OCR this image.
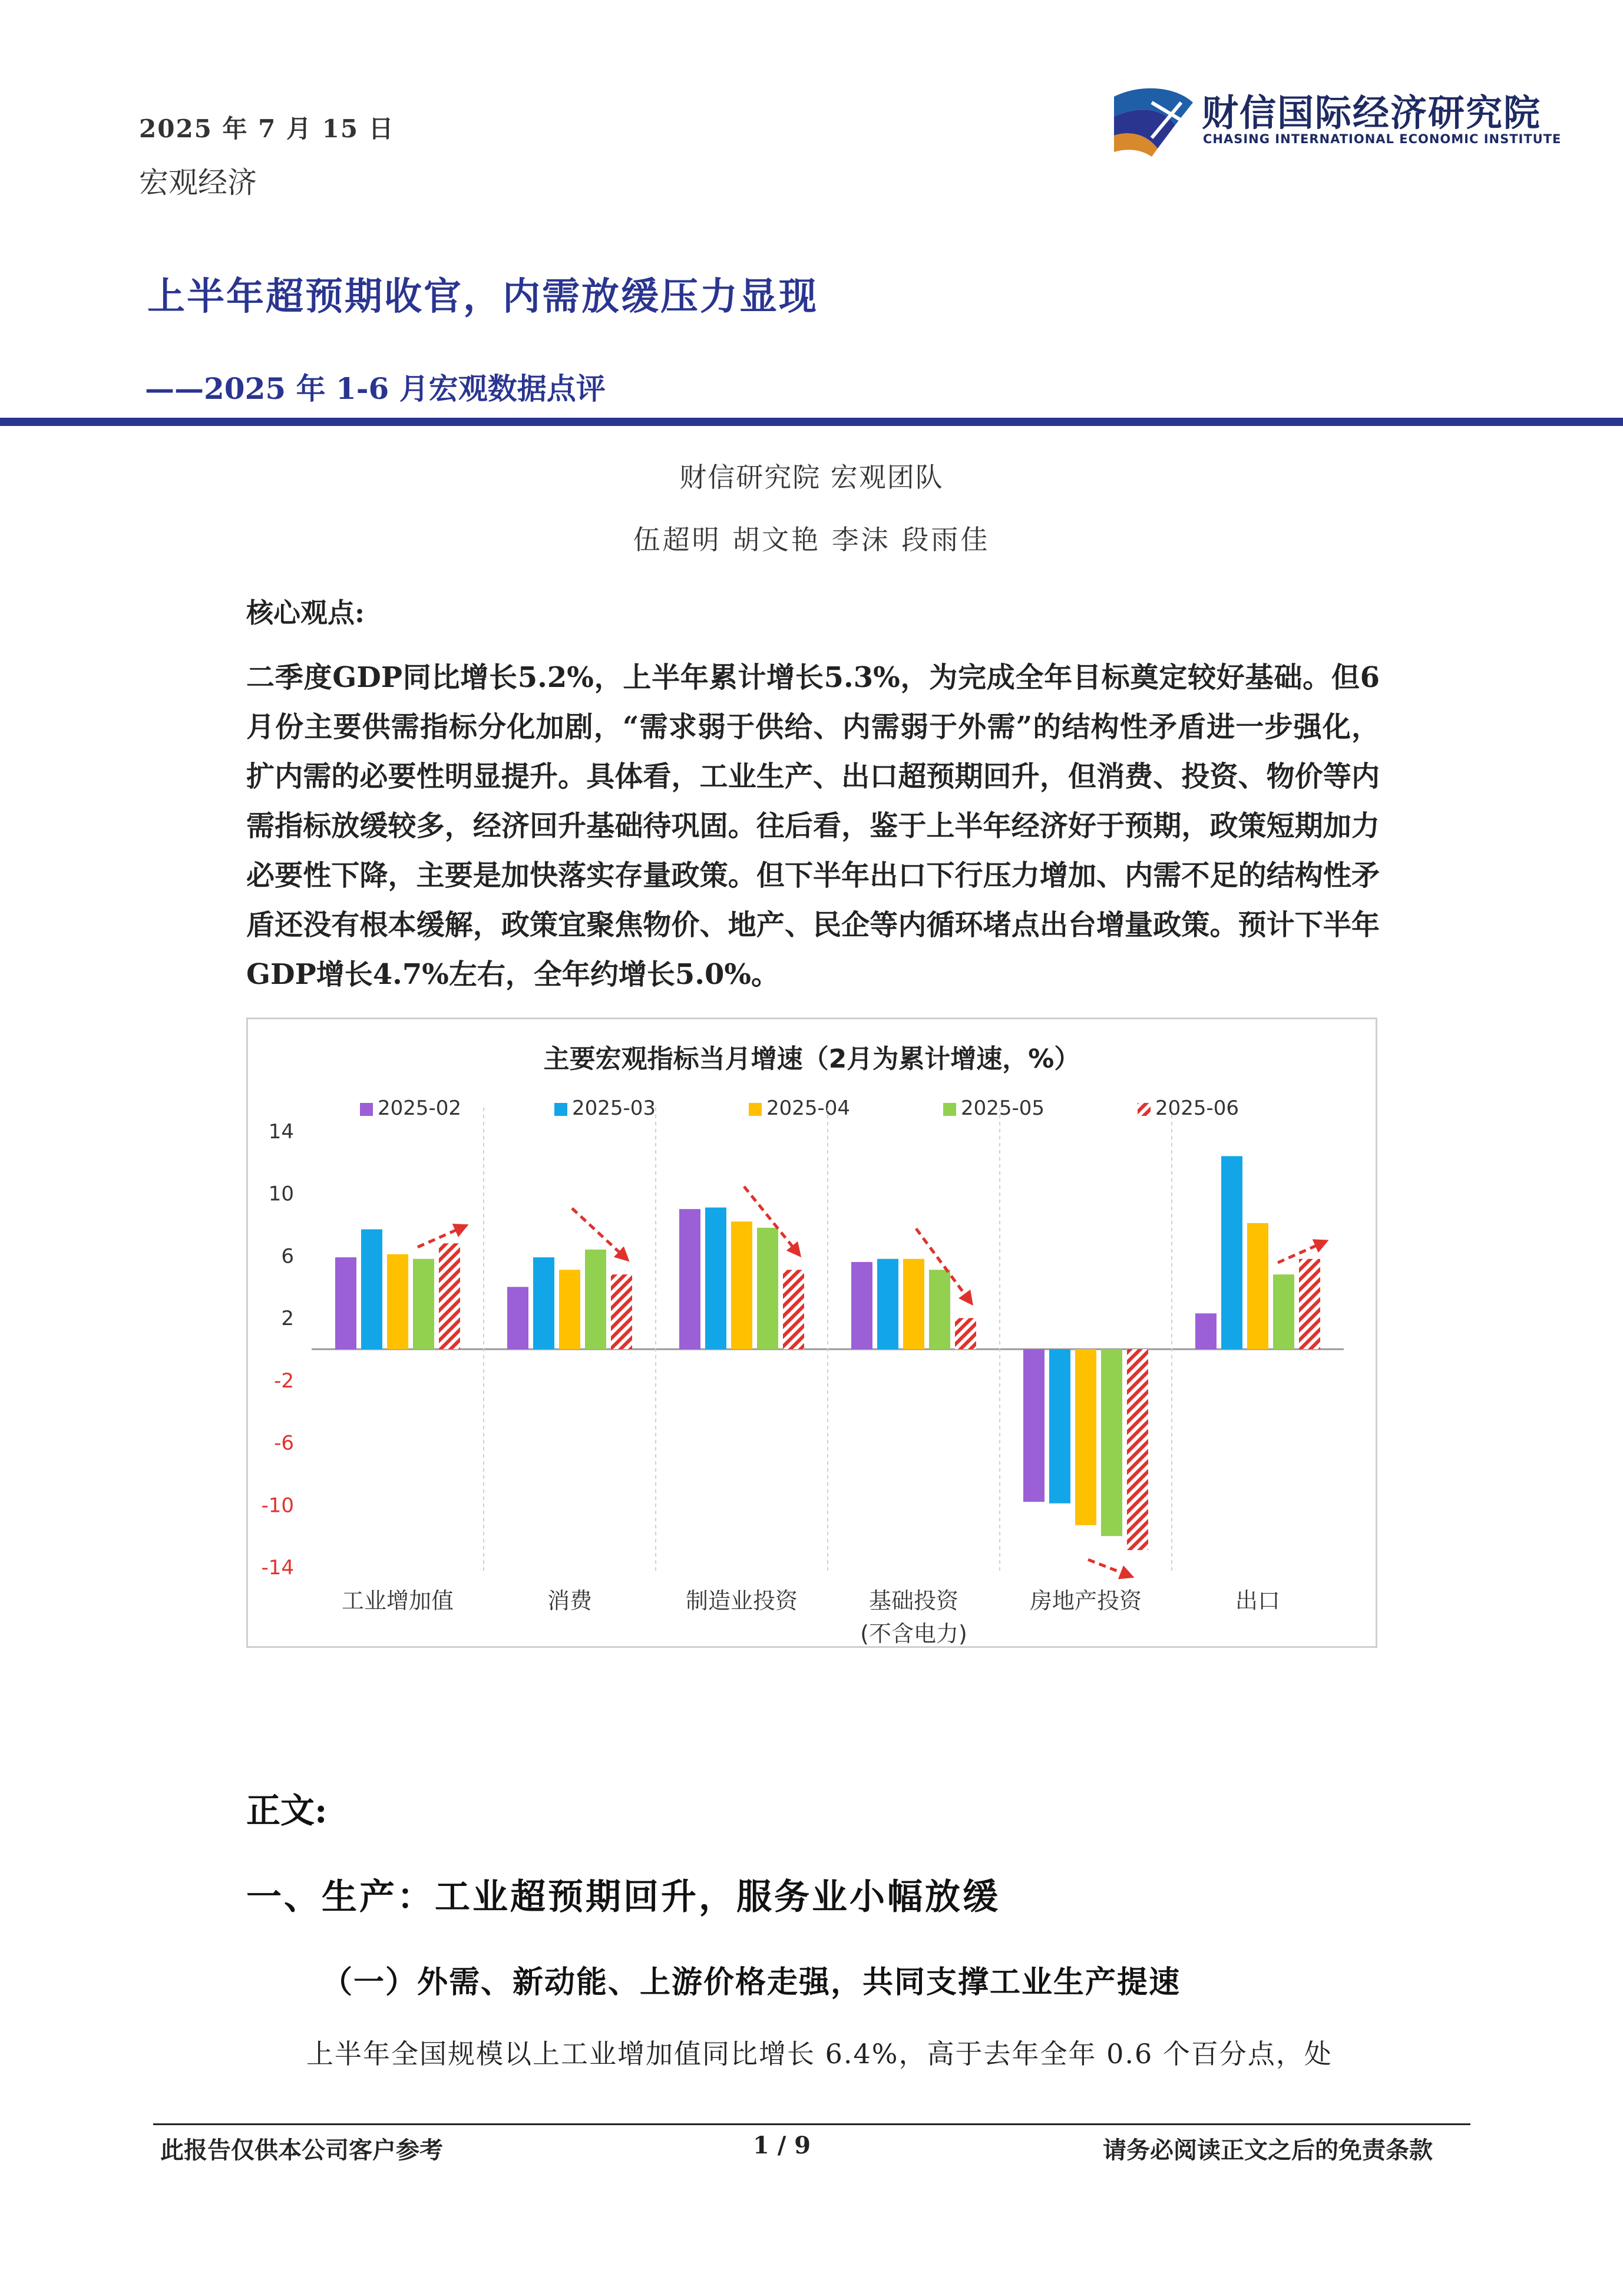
2025 年 7 月 15 日
宏观经济
财信国际经济研究院
CHASING INTERNATIONAL ECONOMIC INSTITUTE
上半年超预期收官，内需放缓压力显现
——2025 年 1-6 月宏观数据点评
财信研究院 宏观团队
伍超明 胡文艳 李沫 段雨佳
核心观点:
二季度GDP同比增长5.2%，上半年累计增长5.3%，为完成全年目标奠定较好基础。但6月份主要供需指标分化加剧，“需求弱于供给、内需弱于外需”的结构性矛盾进一步强化，扩内需的必要性明显提升。具体看，工业生产、出口超预期回升，但消费、投资、物价等内需指标放缓较多，经济回升基础待巩固。往后看，鉴于上半年经济好于预期，政策短期加力必要性下降，主要是加快落实存量政策。但下半年出口下行压力增加、内需不足的结构性矛盾还没有根本缓解，政策宜聚焦物价、地产、民企等内循环堵点出台增量政策。预计下半年GDP增长4.7%左右，全年约增长5.0%。
主要宏观指标当月增速（2月为累计增速，%）
2025-02	2025-03	2025-04	2025-05	2025-06
14
10
6
2
-2
-6
-10
-14
工业增加值	消费	制造业投资	基础投资
(不含电力)
房地产投资	出口
正文:
一、生产：工业超预期回升，服务业小幅放缓
（一）外需、新动能、上游价格走强，共同支撑工业生产提速
上半年全国规模以上工业增加值同比增长 6.4%，高于去年全年 0.6 个百分点，处
此报告仅供本公司客户参考	1 / 9	请务必阅读正文之后的免责条款
